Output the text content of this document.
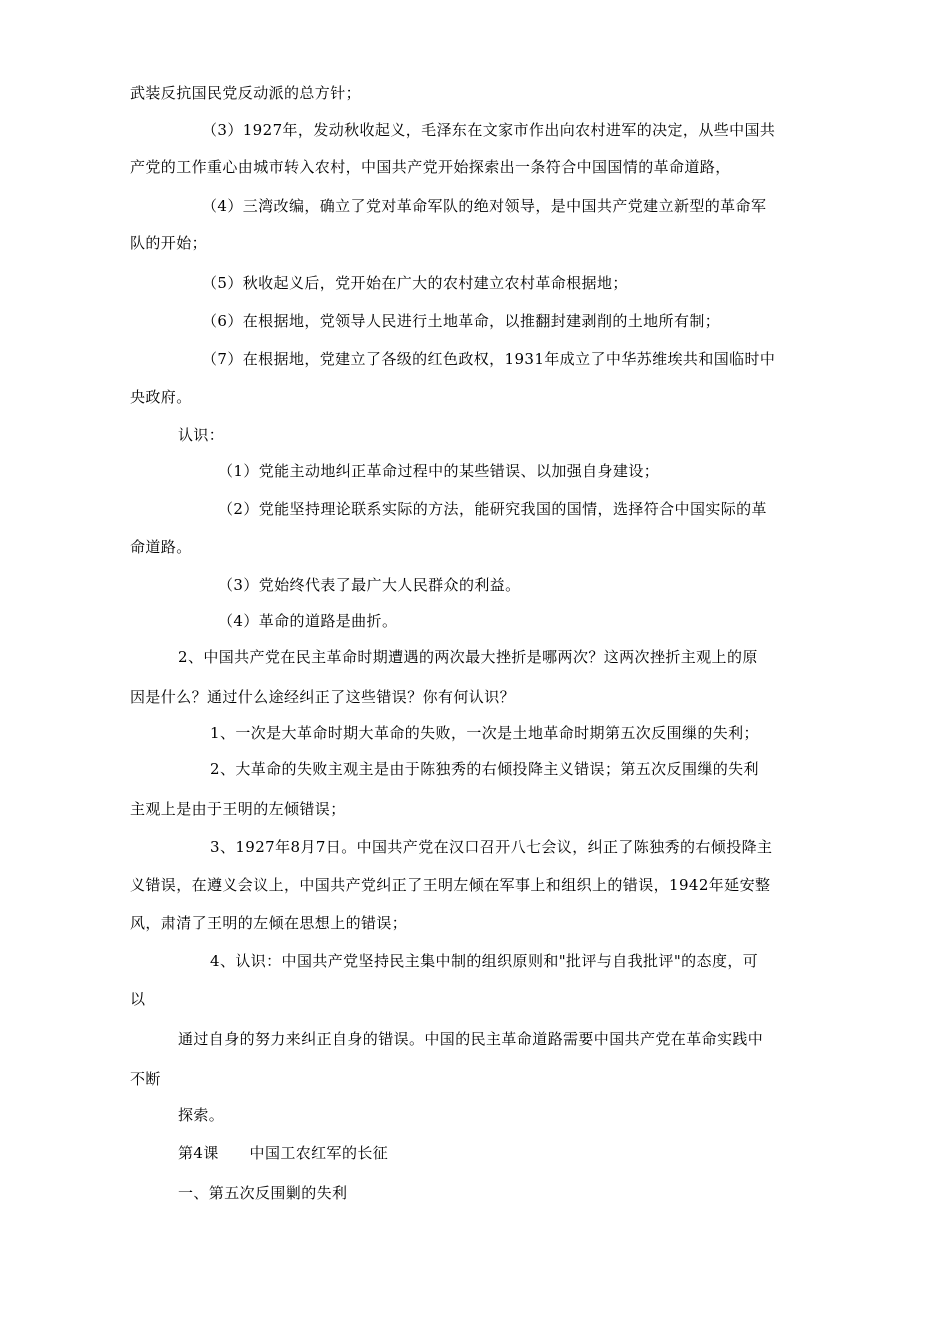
武装反抗国民党反动派的总方针；
（3）1927年，发动秋收起义，毛泽东在文家市作出向农村进军的决定，从些中国共
产党的工作重心由城市转入农村，中国共产党开始探索出一条符合中国国情的革命道路，
（4）三湾改编，确立了党对革命军队的绝对领导，是中国共产党建立新型的革命军
队的开始；
（5）秋收起义后，党开始在广大的农村建立农村革命根据地；
（6）在根据地，党领导人民进行土地革命，以推翻封建剥削的土地所有制；
（7）在根据地，党建立了各级的红色政权，1931年成立了中华苏维埃共和国临时中
央政府。
认识：
（1）党能主动地纠正革命过程中的某些错误、以加强自身建设；
（2）党能坚持理论联系实际的方法，能研究我国的国情，选择符合中国实际的革
命道路。
（3）党始终代表了最广大人民群众的利益。
（4）革命的道路是曲折。
2、中国共产党在民主革命时期遭遇的两次最大挫折是哪两次？这两次挫折主观上的原
因是什么？通过什么途经纠正了这些错误？你有何认识？
1、一次是大革命时期大革命的失败，一次是土地革命时期第五次反围缫的失利；
2、大革命的失败主观主是由于陈独秀的右倾投降主义错误；第五次反围缫的失利
主观上是由于王明的左倾错误；
3、1927年8月7日。中国共产党在汉口召开八七会议，纠正了陈独秀的右倾投降主
义错误，在遵义会议上，中国共产党纠正了王明左倾在军事上和组织上的错误，1942年延安整
风，肃清了王明的左倾在思想上的错误；
4、认识：中国共产党坚持民主集中制的组织原则和"批评与自我批评"的态度，可
以
通过自身的努力来纠正自身的错误。中国的民主革命道路需要中国共产党在革命实践中
不断
探索。
第4课　　中国工农红军的长征
一、第五次反围剿的失利
